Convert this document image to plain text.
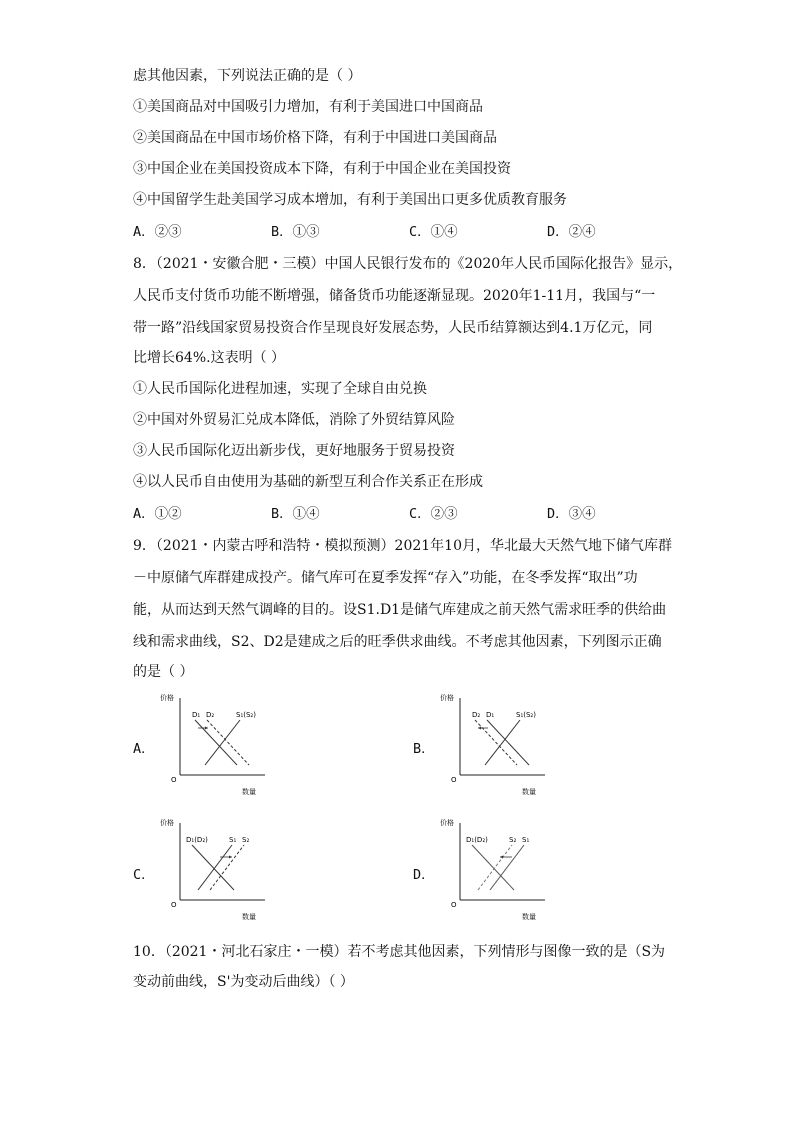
虑其他因素，下列说法正确的是（ ）
①美国商品对中国吸引力增加，有利于美国进口中国商品
②美国商品在中国市场价格下降，有利于中国进口美国商品
③中国企业在美国投资成本下降，有利于中国企业在美国投资
④中国留学生赴美国学习成本增加，有利于美国出口更多优质教育服务
A．②③	B．①③	C．①④	D．②④
8．（2021・安徽合肥・三模）中国人民银行发布的《2020年人民币国际化报告》显示，
人民币支付货币功能不断增强，储备货币功能逐渐显现。2020年1-11月，我国与“一
带一路”沿线国家贸易投资合作呈现良好发展态势，人民币结算额达到4.1万亿元，同
比增长64%.这表明（ ）
①人民币国际化进程加速，实现了全球自由兑换
②中国对外贸易汇兑成本降低，消除了外贸结算风险
③人民币国际化迈出新步伐，更好地服务于贸易投资
④以人民币自由使用为基础的新型互利合作关系正在形成
A．①②	B．①④	C．②③	D．③④
9．（2021・内蒙古呼和浩特・模拟预测）2021年10月，华北最大天然气地下储气库群
－中原储气库群建成投产。储气库可在夏季发挥“存入”功能，在冬季发挥“取出”功
能，从而达到天然气调峰的目的。设S1.D1是储气库建成之前天然气需求旺季的供给曲
线和需求曲线，S2、D2是建成之后的旺季供求曲线。不考虑其他因素，下列图示正确
的是（ ）
A．
价格
数量
O
D₁ D₂	S₁(S₂)
B．
价格
数量
O
D₂ D₁	S₁(S₂)
C．
价格
数量
O
D₁(D₂)	S₁ S₂
D．
价格
数量
O
D₁(D₂)	S₂ S₁
10．（2021・河北石家庄・一模）若不考虑其他因素，下列情形与图像一致的是（S为
变动前曲线，S'为变动后曲线）（ ）
